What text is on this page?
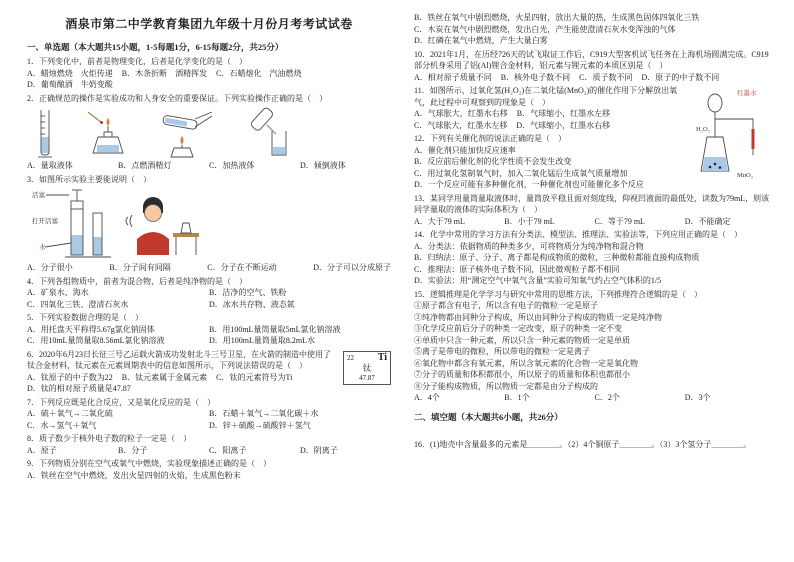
酒泉市第二中学教育集团九年级十月份月考考试试卷
一、单选题（本大题共15小题，1-5每题1分，6-15每题2分，共25分）
1．下列变化中，前者是物理变化，后者是化学变化的是（　）
A．蜡烛燃烧　火炬传递 B．木条折断　酒精挥发 C．石蜡熔化　汽油燃烧D．葡萄酿酒　牛奶变酸
2．正确规范的操作是实验成功和人身安全的重要保证。下列实验操作正确的是（　）
A．量取液体	B．点燃酒精灯	C．加热液体	D．倾倒液体
3．如图所示实验主要能说明（　）
活塞
打开活塞
水
A．分子很小	B．分子间有间隔	C．分子在不断运动	D．分子可以分成原子
4．下列各组物质中，前者为混合物，后者是纯净物的是（　）
A．矿泉水、海水	B．洁净的空气、铁粉
C．四氧化三铁、澄清石灰水	D．冰水共存物、液态氮
5．下列实验数据合理的是（　）
A．用托盘天平称得5.67g氯化钠固体	B．用100mL量筒量取5mL氯化钠溶液
C．用10mL量筒量取8.56mL氯化钠溶液	D．用100mL量筒量取8.2mL水
22 Ti
钛
47.87
6．2020年6月23日长征三号乙运载火箭成功发射北斗三号卫星，在火箭的制造中使用了钛合金材料，钛元素在元素周期表中的信息如图所示，下列说法错误的是（　）
A．钛原子的中子数为22 B．钛元素属于金属元素 C．钛的元素符号为TiD．钛的相对原子质量是47.87
7．下列反应既是化合反应，又是氧化反应的是（　）
A．硫＋氧气→二氧化硫	B．石蜡＋氧气→二氧化碳＋水
C．水→氢气＋氧气	D．锌＋硫酸→硫酸锌＋氢气
8．质子数少于核外电子数的粒子一定是（　）
A．原子	B．分子	C．阳离子	D．阴离子
9．下列物质分别在空气或氧气中燃烧，实验现象描述正确的是（　）
A．铁丝在空气中燃烧，发出火星四射的火焰，生成黑色粉末
B．铁丝在氧气中剧烈燃烧，火星四射，放出大量的热，生成黑色固体四氧化三铁
C．木炭在氧气中剧烈燃烧，发出白光，产生能使澄清石灰水变浑浊的气体
D．红磷在氧气中燃烧，产生大量白雾
10．2021年1月，在历经726天的试飞取证工作后，C919大型客机试飞任务在上海机场圆满完成。C919部分机身采用了铝(Al)锂合金材料，铝元素与锂元素的本质区别是（　）
A．相对原子质量不同 B．核外电子数不同 C．质子数不同 D．原子的中子数不同
红墨水
H₂O₂
MnO₂
11．如图所示，过氧化氢(H₂O₂)在二氧化锰(MnO₂)的催化作用下分解放出氧气，此过程中可观察到的现象是（　）
A．气球胀大，红墨水右移 B．气球缩小，红墨水左移C．气球胀大，红墨水左移 D．气球缩小，红墨水右移
12．下列有关催化剂的说法正确的是（　）
A．催化剂只能加快反应速率
B．反应前后催化剂的化学性质不会发生改变
C．用过氧化氢制氧气时，加入二氧化锰后生成氧气质量增加
D．一个反应可能有多种催化剂，一种催化剂也可能催化多个反应
13．某同学用量筒量取液体时，量筒放平稳且面对刻度线，仰视凹液面的最低处，读数为79mL，则该同学量取的液体的实际体积为（　）
A．大于79 mL	B．小于79 mL	C．等于79 mL	D．不能确定
14．化学中常用的学习方法有分类法、模型法、推理法、实验法等，下列应用正确的是（　）
A．分类法：依据物质的种类多少，可将物质分为纯净物和混合物
B．归纳法：原子、分子、离子都是构成物质的微粒，三种微粒都能直接构成物质
C．推理法：原子核外电子数不同，因此微观粒子都不相同
D．实验法：用“测定空气中氧气含量”实验可知氧气约占空气体积的1/5
15．逻辑推理是化学学习与研究中常用的思维方法，下列推理符合逻辑的是（　）
①原子都含有电子，所以含有电子的微粒一定是原子
②纯净物都由同种分子构成，所以由同种分子构成的物质一定是纯净物
③化学反应前后分子的种类一定改变，原子的种类一定不变
④单质中只含一种元素，所以只含一种元素的物质一定是单质
⑤离子是带电的微粒，所以带电的微粒一定是离子
⑥氧化物中都含有氧元素，所以含氧元素的化合物一定是氧化物
⑦分子的质量和体积都很小，所以原子的质量和体积也都很小
⑧分子能构成物质，所以物质一定都是由分子构成的
A．4个	B．1个	C．2个	D．3个
二、填空题（本大题共6小题，共26分）
16．(1)地壳中含量最多的元素是＿＿＿＿。（2）4个铜原子＿＿＿＿。（3）3个氢分子＿＿＿＿。
